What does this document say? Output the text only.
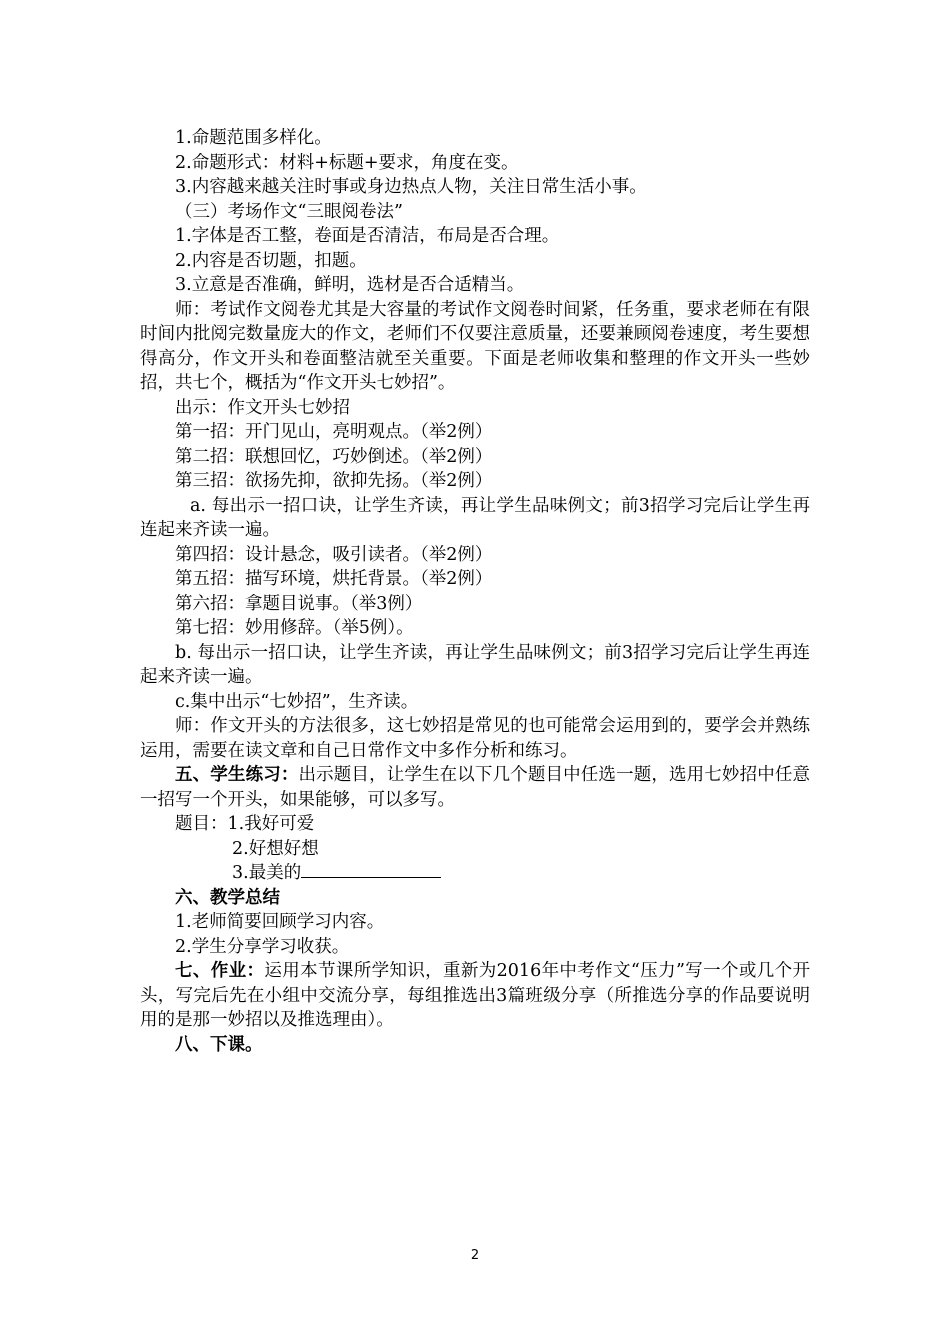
1.命题范围多样化。
2.命题形式：材料+标题+要求，角度在变。
3.内容越来越关注时事或身边热点人物，关注日常生活小事。
（三）考场作文“三眼阅卷法”
1.字体是否工整，卷面是否清洁，布局是否合理。
2.内容是否切题，扣题。
3.立意是否准确，鲜明，选材是否合适精当。
师：考试作文阅卷尤其是大容量的考试作文阅卷时间紧，任务重，要求老师在有限时间内批阅完数量庞大的作文，老师们不仅要注意质量，还要兼顾阅卷速度，考生要想得高分，作文开头和卷面整洁就至关重要。下面是老师收集和整理的作文开头一些妙招，共七个，概括为“作文开头七妙招”。
出示：作文开头七妙招
第一招：开门见山，亮明观点。（举2例）
第二招：联想回忆，巧妙倒述。（举2例）
第三招：欲扬先抑，欲抑先扬。（举2例）
a. 每出示一招口诀，让学生齐读，再让学生品味例文；前3招学习完后让学生再连起来齐读一遍。
第四招：设计悬念，吸引读者。（举2例）
第五招：描写环境，烘托背景。（举2例）
第六招：拿题目说事。（举3例）
第七招：妙用修辞。（举5例）。
b. 每出示一招口诀，让学生齐读，再让学生品味例文；前3招学习完后让学生再连起来齐读一遍。
c.集中出示“七妙招”，生齐读。
师：作文开头的方法很多，这七妙招是常见的也可能常会运用到的，要学会并熟练运用，需要在读文章和自己日常作文中多作分析和练习。
五、学生练习：出示题目，让学生在以下几个题目中任选一题，选用七妙招中任意一招写一个开头，如果能够，可以多写。
题目：1.我好可爱
2.好想好想
3.最美的
六、教学总结
1.老师简要回顾学习内容。
2.学生分享学习收获。
七、作业：运用本节课所学知识，重新为2016年中考作文“压力”写一个或几个开头，写完后先在小组中交流分享，每组推选出3篇班级分享（所推选分享的作品要说明用的是那一妙招以及推选理由）。
八、下课。
2
